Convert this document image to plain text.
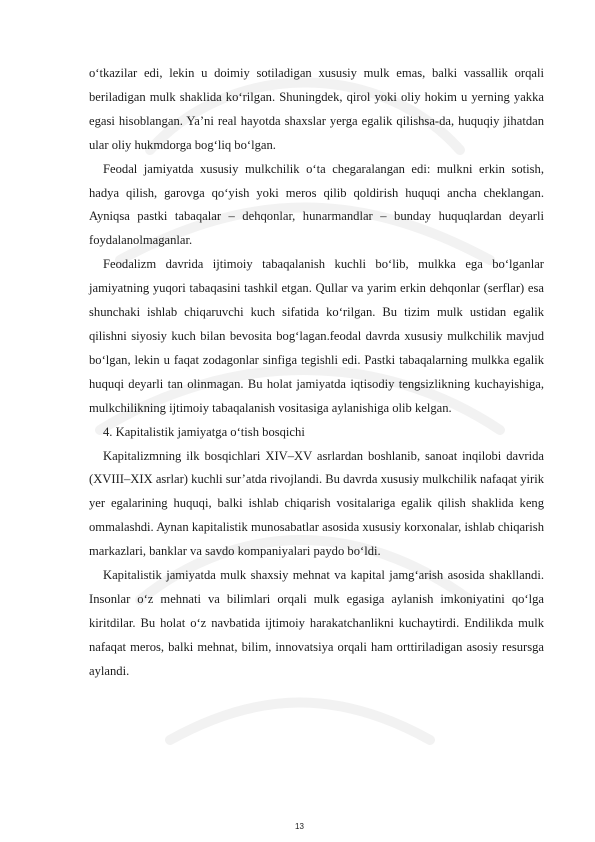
o‘tkazilar edi, lekin u doimiy sotiladigan xususiy mulk emas, balki vassallik orqali beriladigan mulk shaklida ko‘rilgan. Shuningdek, qirol yoki oliy hokim u yerning yakka egasi hisoblangan. Ya’ni real hayotda shaxslar yerga egalik qilishsa-da, huquqiy jihatdan ular oliy hukmdorga bog‘liq bo‘lgan.

Feodal jamiyatda xususiy mulkchilik o‘ta chegaralangan edi: mulkni erkin sotish, hadya qilish, garovga qo‘yish yoki meros qilib qoldirish huquqi ancha cheklangan. Ayniqsa pastki tabaqalar – dehqonlar, hunarmandlar – bunday huquqlardan deyarli foydalanolmaganlar.

Feodalizm davrida ijtimoiy tabaqalanish kuchli bo‘lib, mulkka ega bo‘lganlar jamiyatning yuqori tabaqasini tashkil etgan. Qullar va yarim erkin dehqonlar (serflar) esa shunchaki ishlab chiqaruvchi kuch sifatida ko‘rilgan. Bu tizim mulk ustidan egalik qilishni siyosiy kuch bilan bevosita bog‘lagan.feodal davrda xususiy mulkchilik mavjud bo‘lgan, lekin u faqat zodagonlar sinfiga tegishli edi. Pastki tabaqalarning mulkka egalik huquqi deyarli tan olinmagan. Bu holat jamiyatda iqtisodiy tengsizlikning kuchayishiga, mulkchilikning ijtimoiy tabaqalanish vositasiga aylanishiga olib kelgan.

4. Kapitalistik jamiyatga o‘tish bosqichi

Kapitalizmning ilk bosqichlari XIV–XV asrlardan boshlanib, sanoat inqilobi davrida (XVIII–XIX asrlar) kuchli sur’atda rivojlandi. Bu davrda xususiy mulkchilik nafaqat yirik yer egalarining huquqi, balki ishlab chiqarish vositalariga egalik qilish shaklida keng ommalashdi. Aynan kapitalistik munosabatlar asosida xususiy korxonalar, ishlab chiqarish markazlari, banklar va savdo kompaniyalari paydo bo‘ldi.

Kapitalistik jamiyatda mulk shaxsiy mehnat va kapital jamg‘arish asosida shakllandi. Insonlar o‘z mehnati va bilimlari orqali mulk egasiga aylanish imkoniyatini qo‘lga kiritdilar. Bu holat o‘z navbatida ijtimoiy harakatchanlikni kuchaytirdi. Endilikda mulk nafaqat meros, balki mehnat, bilim, innovatsiya orqali ham orttiriladigan asosiy resursga aylandi.

13
